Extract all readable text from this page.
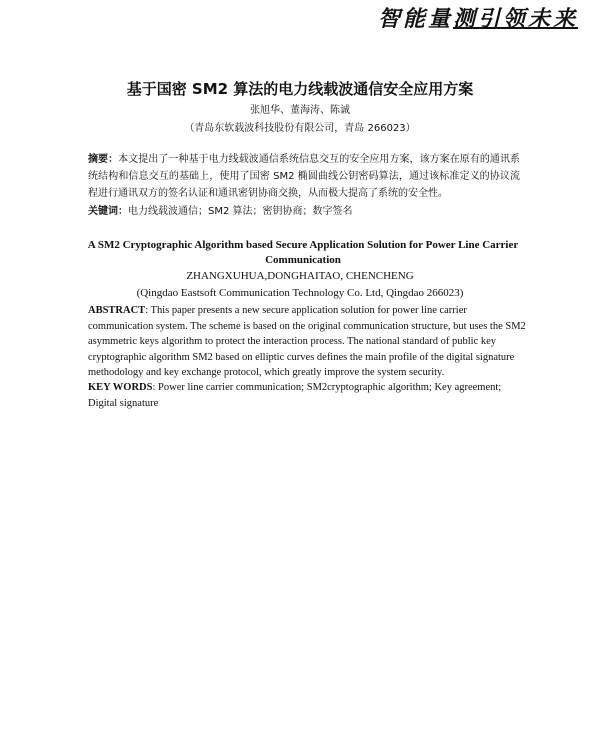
智能量测引领未来
基于国密 SM2 算法的电力线载波通信安全应用方案
张旭华、董海涛、陈诚
（青岛东软载波科技股份有限公司，青岛 266023）
摘要：本文提出了一种基于电力线载波通信系统信息交互的安全应用方案，该方案在原有的通讯系统结构和信息交互的基础上，使用了国密 SM2 椭圆曲线公钥密码算法，通过该标准定义的协议流程进行通讯双方的签名认证和通讯密钥协商交换，从而极大提高了系统的安全性。
关键词：电力线载波通信；SM2 算法；密钥协商；数字签名
A SM2 Cryptographic Algorithm based Secure Application Solution for Power Line Carrier Communication
ZHANGXUHUA,DONGHAITAO, CHENCHENG
(Qingdao Eastsoft Communication Technology Co. Ltd, Qingdao 266023)
ABSTRACT: This paper presents a new secure application solution for power line carrier communication system. The scheme is based on the original communication structure, but uses the SM2 asymmetric keys algorithm to protect the interaction process. The national standard of public key cryptographic algorithm SM2 based on elliptic curves defines the main profile of the digital signature methodology and key exchange protocol, which greatly improve the system security.
KEY WORDS: Power line carrier communication; SM2cryptographic algorithm; Key agreement; Digital signature
